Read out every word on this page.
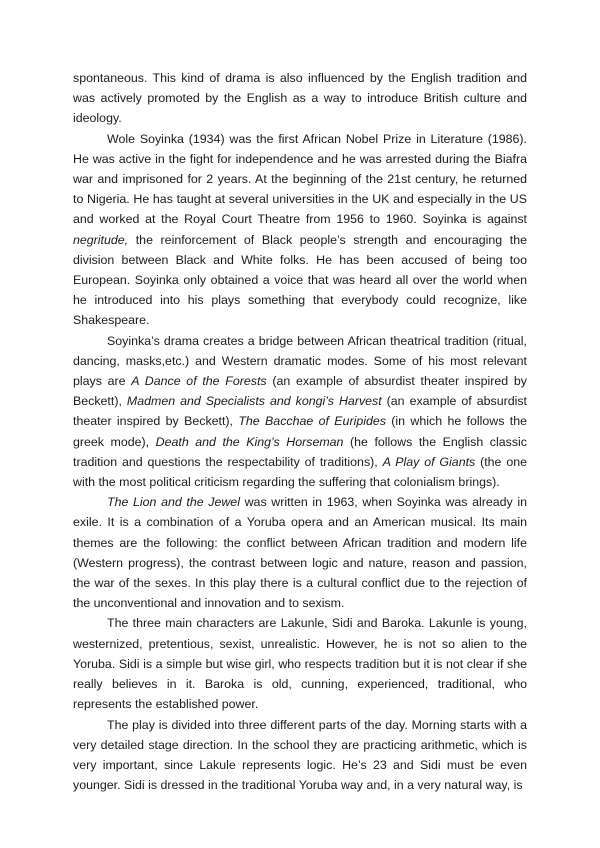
spontaneous. This kind of drama is also influenced by the English tradition and was actively promoted by the English as a way to introduce British culture and ideology.

Wole Soyinka (1934) was the first African Nobel Prize in Literature (1986). He was active in the fight for independence and he was arrested during the Biafra war and imprisoned for 2 years. At the beginning of the 21st century, he returned to Nigeria. He has taught at several universities in the UK and especially in the US and worked at the Royal Court Theatre from 1956 to 1960. Soyinka is against negritude, the reinforcement of Black people’s strength and encouraging the division between Black and White folks. He has been accused of being too European. Soyinka only obtained a voice that was heard all over the world when he introduced into his plays something that everybody could recognize, like Shakespeare.

Soyinka’s drama creates a bridge between African theatrical tradition (ritual, dancing, masks,etc.) and Western dramatic modes. Some of his most relevant plays are A Dance of the Forests (an example of absurdist theater inspired by Beckett), Madmen and Specialists and kongi’s Harvest (an example of absurdist theater inspired by Beckett), The Bacchae of Euripides (in which he follows the greek mode), Death and the King’s Horseman (he follows the English classic tradition and questions the respectability of traditions), A Play of Giants (the one with the most political criticism regarding the suffering that colonialism brings).

The Lion and the Jewel was written in 1963, when Soyinka was already in exile. It is a combination of a Yoruba opera and an American musical. Its main themes are the following: the conflict between African tradition and modern life (Western progress), the contrast between logic and nature, reason and passion, the war of the sexes. In this play there is a cultural conflict due to the rejection of the unconventional and innovation and to sexism.

The three main characters are Lakunle, Sidi and Baroka. Lakunle is young, westernized, pretentious, sexist, unrealistic. However, he is not so alien to the Yoruba. Sidi is a simple but wise girl, who respects tradition but it is not clear if she really believes in it. Baroka is old, cunning, experienced, traditional, who represents the established power.

The play is divided into three different parts of the day. Morning starts with a very detailed stage direction. In the school they are practicing arithmetic, which is very important, since Lakule represents logic. He’s 23 and Sidi must be even younger. Sidi is dressed in the traditional Yoruba way and, in a very natural way, is
